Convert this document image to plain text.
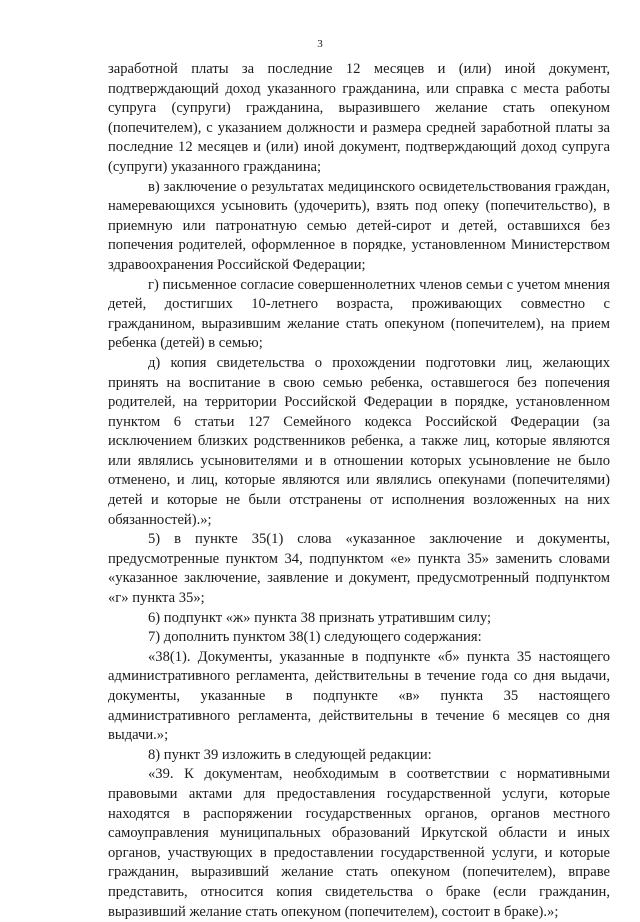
3

заработной платы за последние 12 месяцев и (или) иной документ, подтверждающий доход указанного гражданина, или справка с места работы супруга (супруги) гражданина, выразившего желание стать опекуном (попечителем), с указанием должности и размера средней заработной платы за последние 12 месяцев и (или) иной документ, подтверждающий доход супруга (супруги) указанного гражданина;

в) заключение о результатах медицинского освидетельствования граждан, намеревающихся усыновить (удочерить), взять под опеку (попечительство), в приемную или патронатную семью детей-сирот и детей, оставшихся без попечения родителей, оформленное в порядке, установленном Министерством здравоохранения Российской Федерации;

г) письменное согласие совершеннолетних членов семьи с учетом мнения детей, достигших 10-летнего возраста, проживающих совместно с гражданином, выразившим желание стать опекуном (попечителем), на прием ребенка (детей) в семью;

д) копия свидетельства о прохождении подготовки лиц, желающих принять на воспитание в свою семью ребенка, оставшегося без попечения родителей, на территории Российской Федерации в порядке, установленном пунктом 6 статьи 127 Семейного кодекса Российской Федерации (за исключением близких родственников ребенка, а также лиц, которые являются или являлись усыновителями и в отношении которых усыновление не было отменено, и лиц, которые являются или являлись опекунами (попечителями) детей и которые не были отстранены от исполнения возложенных на них обязанностей).»;

5) в пункте 35(1) слова «указанное заключение и документы, предусмотренные пунктом 34, подпунктом «е» пункта 35» заменить словами «указанное заключение, заявление и документ, предусмотренный подпунктом «г» пункта 35»;

6) подпункт «ж» пункта 38 признать утратившим силу;

7) дополнить пунктом 38(1) следующего содержания:

«38(1). Документы, указанные в подпункте «б» пункта 35 настоящего административного регламента, действительны в течение года со дня выдачи, документы, указанные в подпункте «в» пункта 35 настоящего административного регламента, действительны в течение 6 месяцев со дня выдачи.»;

8) пункт 39 изложить в следующей редакции:

«39. К документам, необходимым в соответствии с нормативными правовыми актами для предоставления государственной услуги, которые находятся в распоряжении государственных органов, органов местного самоуправления муниципальных образований Иркутской области и иных органов, участвующих в предоставлении государственной услуги, и которые гражданин, выразивший желание стать опекуном (попечителем), вправе представить, относится копия свидетельства о браке (если гражданин, выразивший желание стать опекуном (попечителем), состоит в браке).»;
